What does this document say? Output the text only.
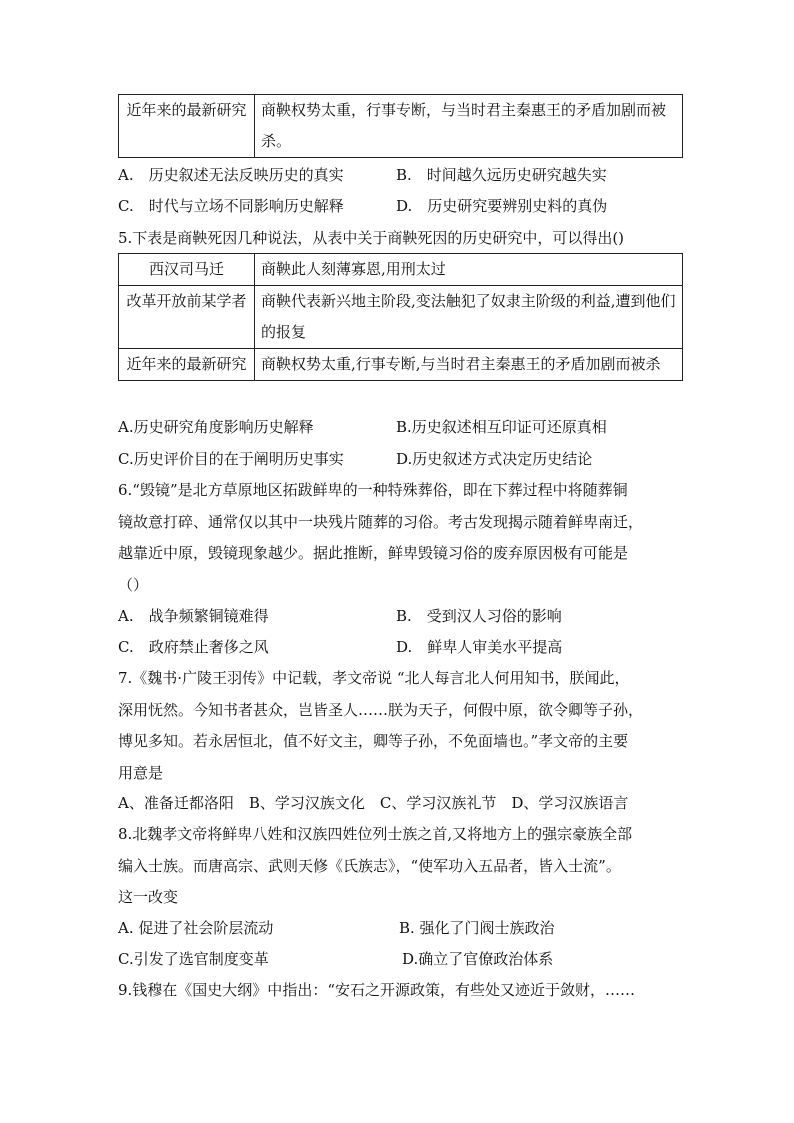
近年来的最新研究	商鞅权势太重，行事专断，与当时君主秦惠王的矛盾加剧而被杀。
A.　历史叙述无法反映历史的真实	B.　时间越久远历史研究越失实
C.　时代与立场不同影响历史解释	D.　历史研究要辨别史料的真伪
5.下表是商鞅死因几种说法，从表中关于商鞅死因的历史研究中，可以得出()
西汉司马迁	商鞅此人刻薄寡恩,用刑太过
改革开放前某学者	商鞅代表新兴地主阶段,变法触犯了奴隶主阶级的利益,遭到他们的报复
近年来的最新研究	商鞅权势太重,行事专断,与当时君主秦惠王的矛盾加剧而被杀
A.历史研究角度影响历史解释	B.历史叙述相互印证可还原真相
C.历史评价目的在于阐明历史事实	D.历史叙述方式决定历史结论
6.“毁镜”是北方草原地区拓跋鲜卑的一种特殊葬俗，即在下葬过程中将随葬铜
镜故意打碎、通常仅以其中一块残片随葬的习俗。考古发现揭示随着鲜卑南迁，
越靠近中原，毁镜现象越少。据此推断，鲜卑毁镜习俗的废弃原因极有可能是
（）
A.　战争频繁铜镜难得	B.　受到汉人习俗的影响
C.　政府禁止奢侈之风	D.　鲜卑人审美水平提高
7.《魏书·广陵王羽传》中记载，孝文帝说 “北人每言北人何用知书，朕闻此，
深用怃然。今知书者甚众，岂皆圣人……朕为天子，何假中原，欲令卿等子孙，
博见多知。若永居恒北，值不好文主，卿等子孙，不免面墙也。”孝文帝的主要
用意是
A、准备迁都洛阳　B、学习汉族文化　C、学习汉族礼节　D、学习汉族语言
8.北魏孝文帝将鲜卑八姓和汉族四姓位列士族之首,又将地方上的强宗豪族全部
编入士族。而唐高宗、武则天修《氏族志》，“使军功入五品者，皆入士流”。
这一改变
A. 促进了社会阶层流动	B. 强化了门阀士族政治
C.引发了选官制度变革	D.确立了官僚政治体系
9.钱穆在《国史大纲》中指出：“安石之开源政策，有些处又迹近于敛财，……
